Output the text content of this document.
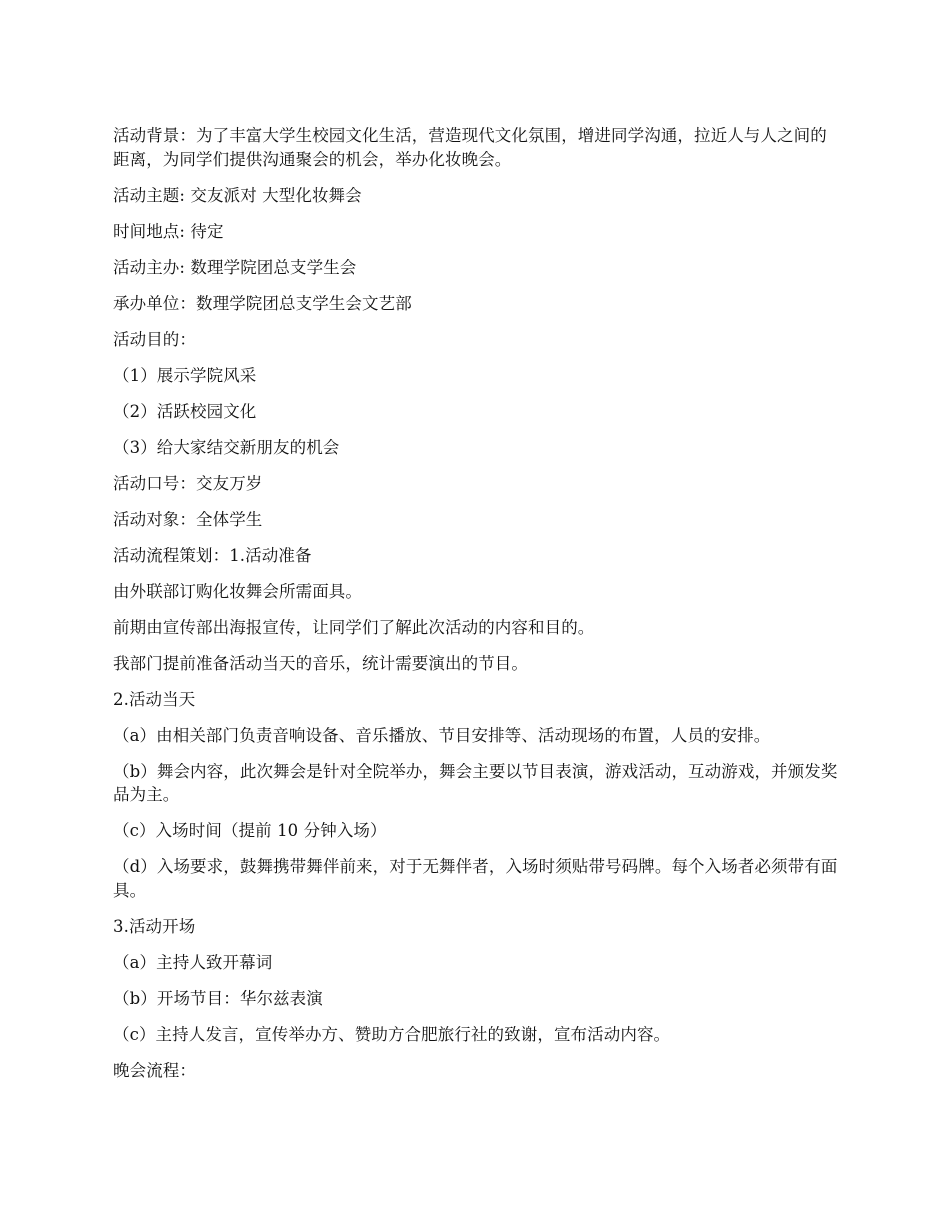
活动背景：为了丰富大学生校园文化生活，营造现代文化氛围，增进同学沟通，拉近人与人之间的距离，为同学们提供沟通聚会的机会，举办化妆晚会。

活动主题: 交友派对 大型化妆舞会

时间地点: 待定

活动主办: 数理学院团总支学生会

承办单位：数理学院团总支学生会文艺部

活动目的：

（1）展示学院风采

（2）活跃校园文化

（3）给大家结交新朋友的机会

活动口号：交友万岁

活动对象：全体学生

活动流程策划：1.活动准备

由外联部订购化妆舞会所需面具。

前期由宣传部出海报宣传，让同学们了解此次活动的内容和目的。

我部门提前准备活动当天的音乐，统计需要演出的节目。

2.活动当天

（a）由相关部门负责音响设备、音乐播放、节目安排等、活动现场的布置，人员的安排。

（b）舞会内容，此次舞会是针对全院举办，舞会主要以节目表演，游戏活动，互动游戏，并颁发奖品为主。

（c）入场时间（提前 10 分钟入场）

（d）入场要求，鼓舞携带舞伴前来，对于无舞伴者，入场时须贴带号码牌。每个入场者必须带有面具。

3.活动开场

（a）主持人致开幕词

（b）开场节目：华尔兹表演

（c）主持人发言，宣传举办方、赞助方合肥旅行社的致谢，宣布活动内容。

晚会流程：
